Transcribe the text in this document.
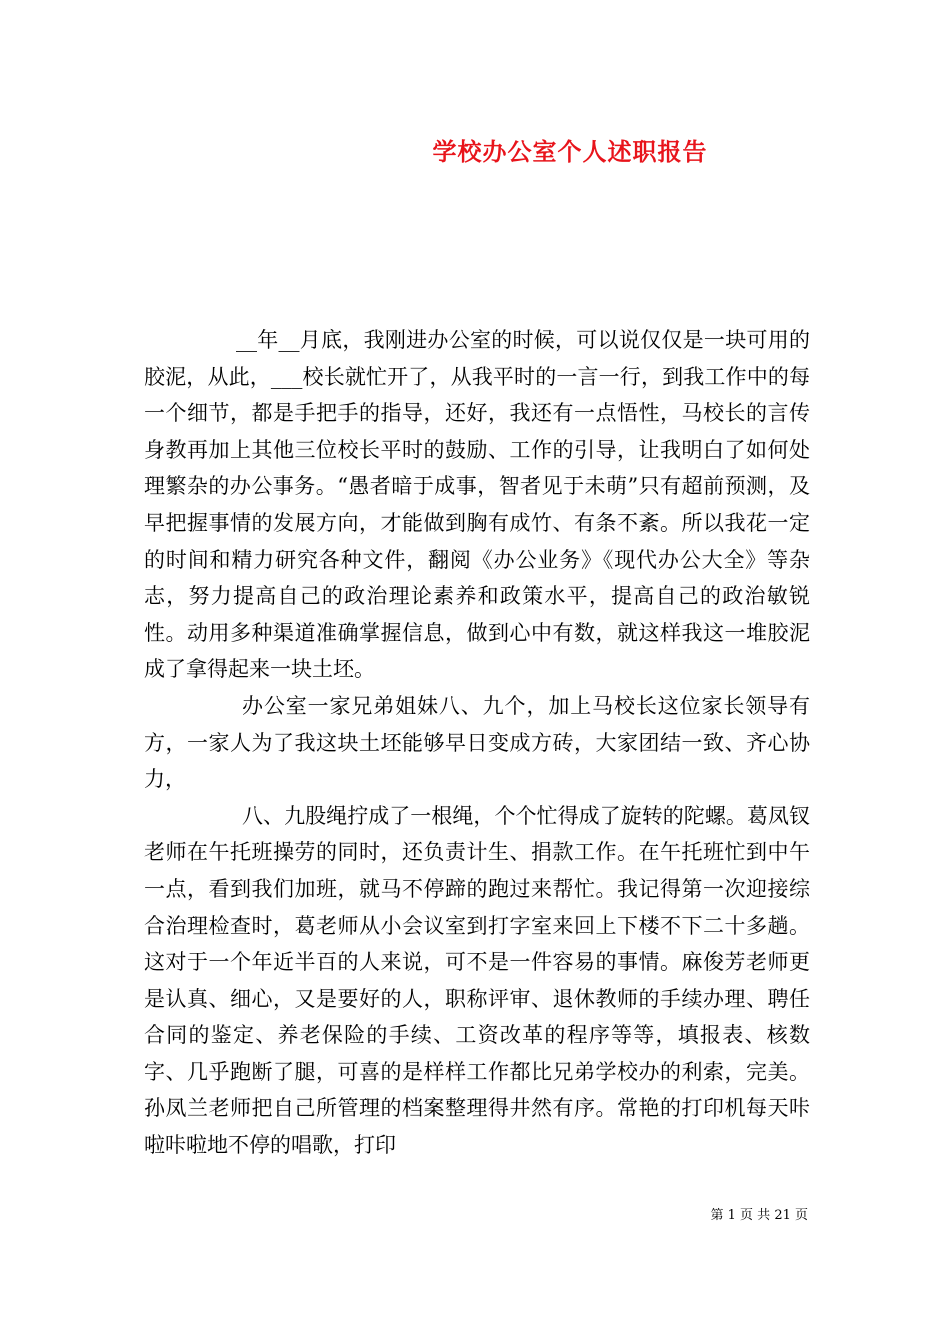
学校办公室个人述职报告

__年__月底，我刚进办公室的时候，可以说仅仅是一块可用的胶泥，从此，___校长就忙开了，从我平时的一言一行，到我工作中的每一个细节，都是手把手的指导，还好，我还有一点悟性，马校长的言传身教再加上其他三位校长平时的鼓励、工作的引导，让我明白了如何处理繁杂的办公事务。“愚者暗于成事，智者见于未萌”只有超前预测，及早把握事情的发展方向，才能做到胸有成竹、有条不紊。所以我花一定的时间和精力研究各种文件，翻阅《办公业务》《现代办公大全》等杂志，努力提高自己的政治理论素养和政策水平，提高自己的政治敏锐性。动用多种渠道准确掌握信息，做到心中有数，就这样我这一堆胶泥成了拿得起来一块土坯。

办公室一家兄弟姐妹八、九个，加上马校长这位家长领导有方，一家人为了我这块土坯能够早日变成方砖，大家团结一致、齐心协力，

八、九股绳拧成了一根绳，个个忙得成了旋转的陀螺。葛凤钗老师在午托班操劳的同时，还负责计生、捐款工作。在午托班忙到中午一点，看到我们加班，就马不停蹄的跑过来帮忙。我记得第一次迎接综合治理检查时，葛老师从小会议室到打字室来回上下楼不下二十多趟。这对于一个年近半百的人来说，可不是一件容易的事情。麻俊芳老师更是认真、细心，又是要好的人，职称评审、退休教师的手续办理、聘任合同的鉴定、养老保险的手续、工资改革的程序等等，填报表、核数字、几乎跑断了腿，可喜的是样样工作都比兄弟学校办的利索，完美。孙凤兰老师把自己所管理的档案整理得井然有序。常艳的打印机每天咔啦咔啦地不停的唱歌，打印

第 1 页 共 21 页
